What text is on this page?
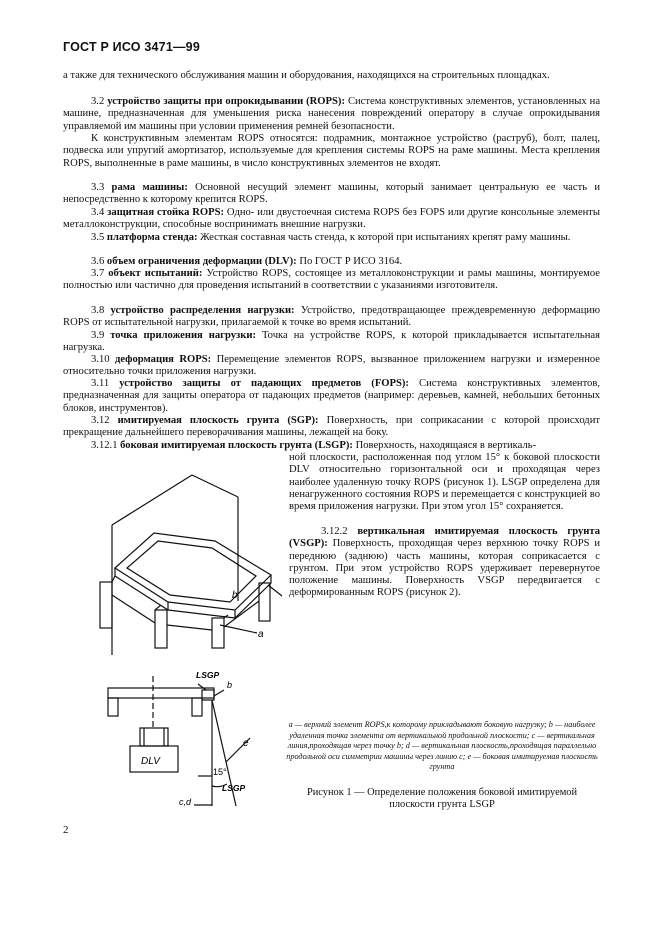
ГОСТ Р ИСО 3471—99

а также для технического обслуживания машин и оборудования, находящихся на строительных площадках.

3.2 устройство защиты при опрокидывании (ROPS): Система конструктивных элементов, установленных на машине, предназначенная для уменьшения риска нанесения повреждений оператору в случае опрокидывания управляемой им машины при условии применения ремней безопасности.

К конструктивным элементам ROPS относятся: подрамник, монтажное устройство (раструб), болт, палец, подвеска или упругий амортизатор, используемые для крепления системы ROPS на раме машины. Места крепления ROPS, выполненные в раме машины, в число конструктивных элементов не входят.

3.3 рама машины: Основной несущий элемент машины, который занимает центральную ее часть и непосредственно к которому крепится ROPS.

3.4 защитная стойка ROPS: Одно- или двустоечная система ROPS без FOPS или другие консольные элементы металлоконструкции, способные воспринимать внешние нагрузки.

3.5 платформа стенда: Жесткая составная часть стенда, к которой при испытаниях крепят раму машины.

3.6 объем ограничения деформации (DLV): По ГОСТ Р ИСО 3164.

3.7 объект испытаний: Устройство ROPS, состоящее из металлоконструкции и рамы машины, монтируемое полностью или частично для проведения испытаний в соответствии с указаниями изготовителя.

3.8 устройство распределения нагрузки: Устройство, предотвращающее преждевременную деформацию ROPS от испытательной нагрузки, прилагаемой к точке во время испытаний.

3.9 точка приложения нагрузки: Точка на устройстве ROPS, к которой прикладывается испытательная нагрузка.

3.10 деформация ROPS: Перемещение элементов ROPS, вызванное приложением нагрузки и измеренное относительно точки приложения нагрузки.

3.11 устройство защиты от падающих предметов (FOPS): Система конструктивных элементов, предназначенная для защиты оператора от падающих предметов (например: деревьев, камней, небольших бетонных блоков, инструментов).

3.12 имитируемая плоскость грунта (SGP): Поверхность, при соприкасании с которой происходит прекращение дальнейшего переворачивания машины, лежащей на боку.

3.12.1 боковая имитируемая плоскость грунта (LSGP): Поверхность, находящаяся в вертикаль-

ной плоскости, расположенная под углом 15° к боковой плоскости DLV относительно горизонтальной оси и проходящая через наиболее удаленную точку ROPS (рисунок 1). LSGP определена для ненагруженного состояния ROPS и перемещается с конструкцией во время приложения нагрузки. При этом угол 15° сохраняется.

3.12.2 вертикальная имитируемая плоскость грунта (VSGP): Поверхность, проходящая через верхнюю точку ROPS и переднюю (заднюю) часть машины, которая соприкасается с грунтом. При этом устройство ROPS удерживает перевернутое положение машины. Поверхность VSGP передвигается с деформированным ROPS (рисунок 2).

a
b
LSGP
b
e
DLV
15°
LSGP
c,d
a — верхний элемент ROPS,к которому прикладывают боковую нагрузку; b — наиболее удаленная точка элемента от вертикальной продольной плоскости; c — вертикальная линия,проходящая через точку b; d — вертикальная плоскость,проходящая параллельно продольной оси симметрии машины через линию c; e — боковая имитируемая плоскость грунта
Рисунок 1 — Определение положения боковой имитируемой плоскости грунта LSGP
2
